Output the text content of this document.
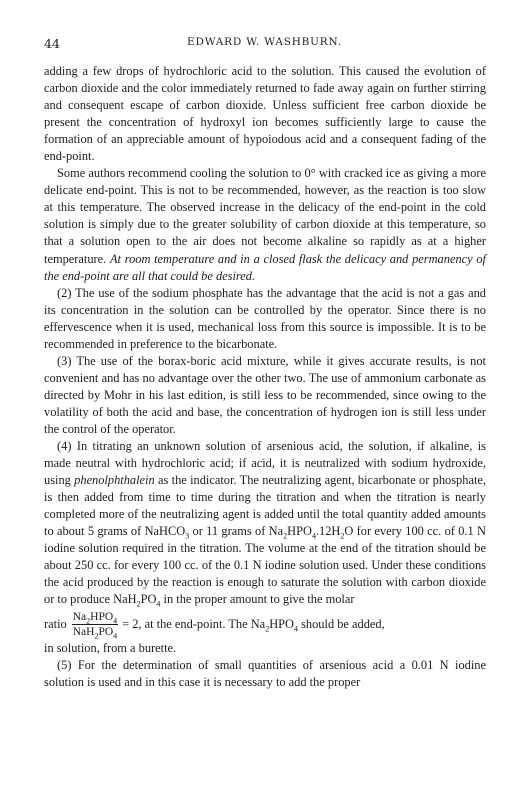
44	EDWARD W. WASHBURN.

adding a few drops of hydrochloric acid to the solution. This caused the evolution of carbon dioxide and the color immediately returned to fade away again on further stirring and consequent escape of carbon dioxide. Unless sufficient free carbon dioxide be present the concentration of hydroxyl ion becomes sufficiently large to cause the formation of an appreciable amount of hypoiodous acid and a consequent fading of the end-point.

Some authors recommend cooling the solution to 0° with cracked ice as giving a more delicate end-point. This is not to be recommended, however, as the reaction is too slow at this temperature. The observed increase in the delicacy of the end-point in the cold solution is simply due to the greater solubility of carbon dioxide at this temperature, so that a solution open to the air does not become alkaline so rapidly as at a higher temperature. At room temperature and in a closed flask the delicacy and permanency of the end-point are all that could be desired.

(2) The use of the sodium phosphate has the advantage that the acid is not a gas and its concentration in the solution can be controlled by the operator. Since there is no effervescence when it is used, mechanical loss from this source is impossible. It is to be recommended in preference to the bicarbonate.

(3) The use of the borax-boric acid mixture, while it gives accurate results, is not convenient and has no advantage over the other two. The use of ammonium carbonate as directed by Mohr in his last edition, is still less to be recommended, since owing to the volatility of both the acid and base, the concentration of hydrogen ion is still less under the control of the operator.

(4) In titrating an unknown solution of arsenious acid, the solution, if alkaline, is made neutral with hydrochloric acid; if acid, it is neutralized with sodium hydroxide, using phenolphthalein as the indicator. The neutralizing agent, bicarbonate or phosphate, is then added from time to time during the titration and when the titration is nearly completed more of the neutralizing agent is added until the total quantity added amounts to about 5 grams of NaHCO$_3$ or 11 grams of $Na_2HPO_4.12H_2O$ for every 100 cc. of 0.1 N iodine solution required in the titration. The volume at the end of the titration should be about 250 cc. for every 100 cc. of the 0.1 N iodine solution used. Under these conditions the acid produced by the reaction is enough to saturate the solution with carbon dioxide or to produce $NaH_2PO_4$ in the proper amount to give the molar

ratio $\frac{Na_2HPO_4}{NaH_2PO_4} = 2$, at the end-point. The $Na_2HPO_4$ should be added,

in solution, from a burette.

(5) For the determination of small quantities of arsenious acid a 0.01 N iodine solution is used and in this case it is necessary to add the proper
